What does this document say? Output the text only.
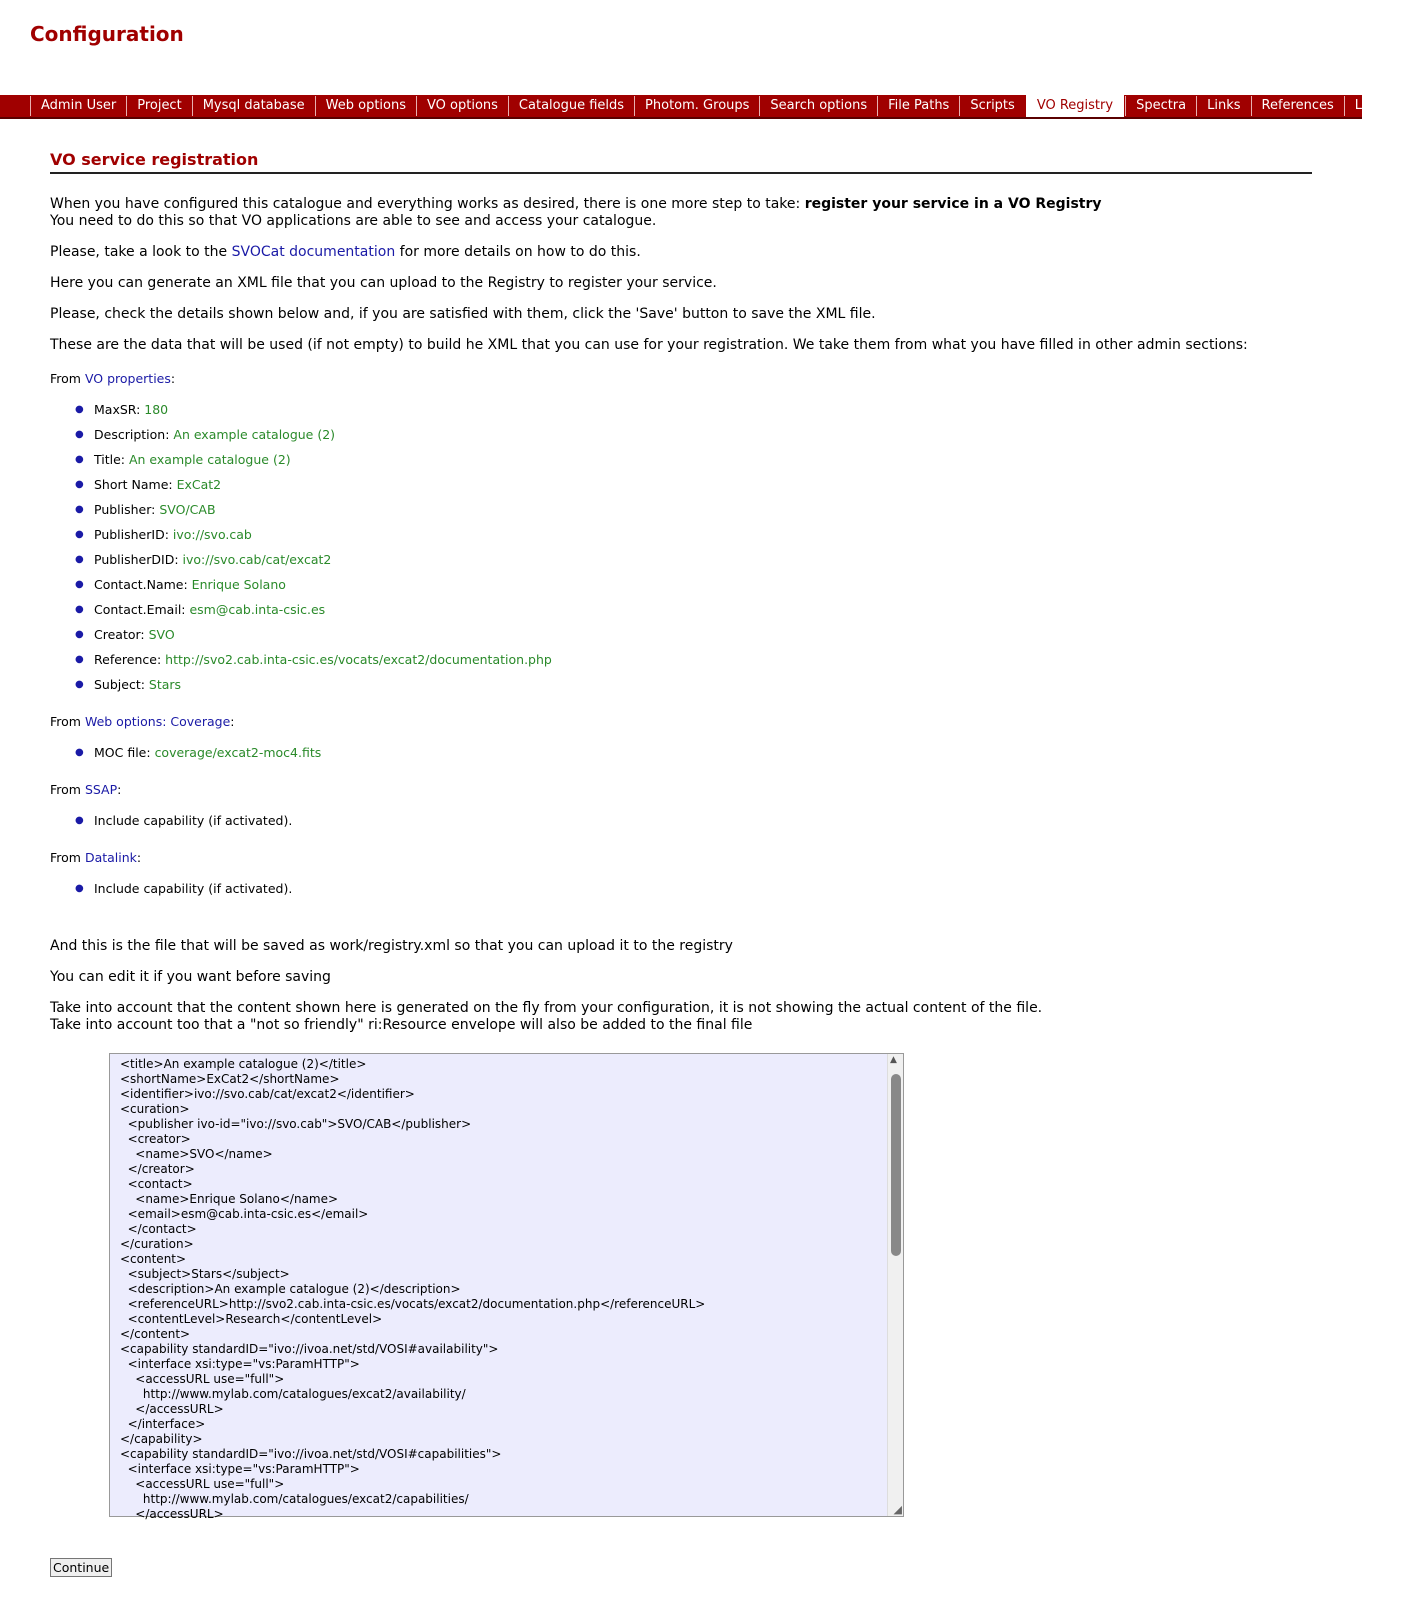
Configuration
Admin User	Project	Mysql database	Web options	VO options	Catalogue fields	Photom. Groups	Search options	File Paths	Scripts	VO Registry	Spectra	Links	References	Logout
VO service registration

When you have configured this catalogue and everything works as desired, there is one more step to take: register your service in a VO Registry
You need to do this so that VO applications are able to see and access your catalogue.

Please, take a look to the SVOCat documentation for more details on how to do this.

Here you can generate an XML file that you can upload to the Registry to register your service.

Please, check the details shown below and, if you are satisfied with them, click the 'Save' button to save the XML file.

These are the data that will be used (if not empty) to build he XML that you can use for your registration. We take them from what you have filled in other admin sections:

From VO properties:

● MaxSR: 180
● Description: An example catalogue (2)
● Title: An example catalogue (2)
● Short Name: ExCat2
● Publisher: SVO/CAB
● PublisherID: ivo://svo.cab
● PublisherDID: ivo://svo.cab/cat/excat2
● Contact.Name: Enrique Solano
● Contact.Email: esm@cab.inta-csic.es
● Creator: SVO
● Reference: http://svo2.cab.inta-csic.es/vocats/excat2/documentation.php
● Subject: Stars

From Web options: Coverage:

● MOC file: coverage/excat2-moc4.fits

From SSAP:

● Include capability (if activated).

From Datalink:

● Include capability (if activated).

And this is the file that will be saved as work/registry.xml so that you can upload it to the registry

You can edit it if you want before saving

Take into account that the content shown here is generated on the fly from your configuration, it is not showing the actual content of the file.
Take into account too that a "not so friendly" ri:Resource envelope will also be added to the final file

<title>An example catalogue (2)</title>
<shortName>ExCat2</shortName>
<identifier>ivo://svo.cab/cat/excat2</identifier>
<curation>
<publisher ivo-id="ivo://svo.cab">SVO/CAB</publisher>
<creator>
<name>SVO</name>
</creator>
<contact>
<name>Enrique Solano</name>
<email>esm@cab.inta-csic.es</email>
</contact>
</curation>
<content>
<subject>Stars</subject>
<description>An example catalogue (2)</description>
<referenceURL>http://svo2.cab.inta-csic.es/vocats/excat2/documentation.php</referenceURL>
<contentLevel>Research</contentLevel>
</content>
<capability standardID="ivo://ivoa.net/std/VOSI#availability">
<interface xsi:type="vs:ParamHTTP">
<accessURL use="full">
http://www.mylab.com/catalogues/excat2/availability/
</accessURL>
</interface>
</capability>
<capability standardID="ivo://ivoa.net/std/VOSI#capabilities">
<interface xsi:type="vs:ParamHTTP">
<accessURL use="full">
http://www.mylab.com/catalogues/excat2/capabilities/
</accessURL>
▲
◢
Continue
